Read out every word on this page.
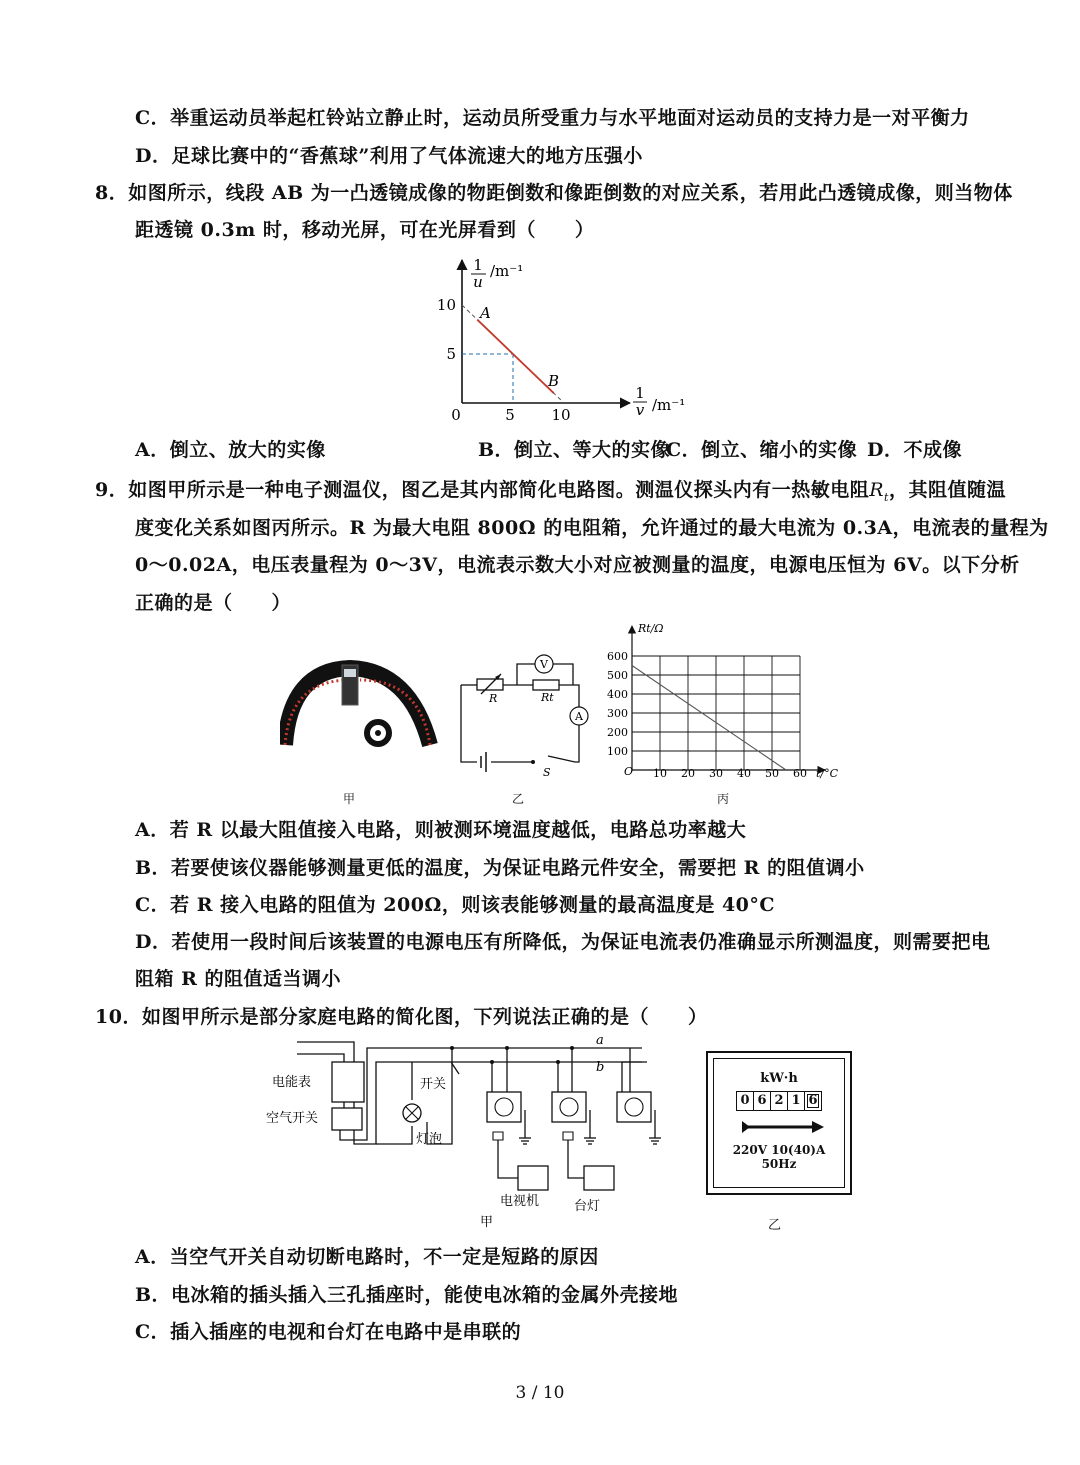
C．举重运动员举起杠铃站立静止时，运动员所受重力与水平地面对运动员的支持力是一对平衡力
D．足球比赛中的“香蕉球”利用了气体流速大的地方压强小
8．如图所示，线段 AB 为一凸透镜成像的物距倒数和像距倒数的对应关系，若用此凸透镜成像，则当物体
距透镜 0.3m 时，移动光屏，可在光屏看到（　　）
1
u
/m⁻¹
1
v /m⁻¹
0	5 10
10
5
A
B
A．倒立、放大的实像	B．倒立、等大的实像
C．倒立、缩小的实像 D．不成像
9．如图甲所示是一种电子测温仪，图乙是其内部简化电路图。测温仪探头内有一热敏电阻$R_t$，其阻值随温
度变化关系如图丙所示。R 为最大电阻 800Ω 的电阻箱，允许通过的最大电流为 0.3A，电流表的量程为
0～0.02A，电压表量程为 0～3V，电流表示数大小对应被测量的温度，电源电压恒为 6V。以下分析
正确的是（　　）
甲
V
A
R	Rt
S
乙
Rt/Ω
t/°C
O
600
500
400
300
200
100
10 20 30 40 50 60
丙
A．若 R 以最大阻值接入电路，则被测环境温度越低，电路总功率越大
B．若要使该仪器能够测量更低的温度，为保证电路元件安全，需要把 R 的阻值调小
C．若 R 接入电路的阻值为 200Ω，则该表能够测量的最高温度是 40°C
D．若使用一段时间后该装置的电源电压有所降低，为保证电流表仍准确显示所测温度，则需要把电
阻箱 R 的阻值适当调小
10．如图甲所示是部分家庭电路的简化图，下列说法正确的是（　　）
电能表
空气开关
开关
灯泡
电视机	台灯
a
b
甲
kW·h
0 6 2 1 6
220V 10(40)A 50Hz
乙
A．当空气开关自动切断电路时，不一定是短路的原因
B．电冰箱的插头插入三孔插座时，能使电冰箱的金属外壳接地
C．插入插座的电视和台灯在电路中是串联的
3 / 10
